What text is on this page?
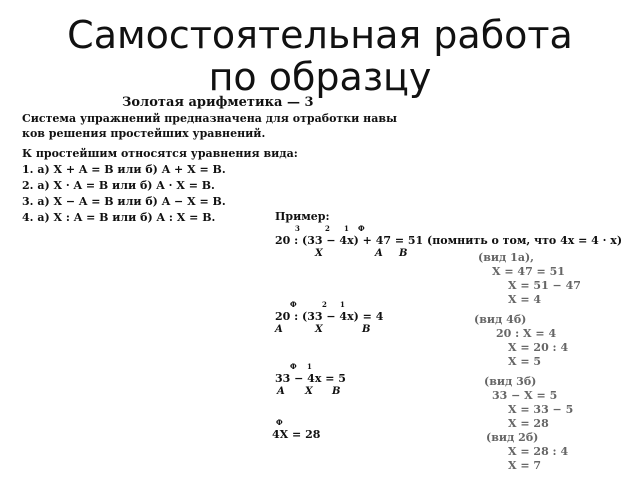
Самостоятельная работа
по образцу
Золотая арифметика — 3
Система упражнений предназначена для отработки навы
ков решения простейших уравнений.
К простейшим относятся уравнения вида:
1. а) X + A = B или б) A + X = B.
2. а) X · A = B или б) A · X = B.
3. а) X − A = B или б) A − X = B.
4. а) X : A = B или б) A : X = B.	Пример:
3	2 1 Ф
20 : (33 − 4x) + 47 = 51 (помнить о том, что 4x = 4 · x)
X	A B
Ф	2 1
20 : (33 − 4x) = 4
A	X	B
Ф 1
33 − 4x = 5
A X B
Ф
4X = 28
(вид 1а),
X = 47 = 51
X = 51 − 47
X = 4
(вид 4б)
20 : X = 4
X = 20 : 4
X = 5
(вид 3б)
33 − X = 5
X = 33 − 5
X = 28
(вид 2б)
X = 28 : 4
X = 7
